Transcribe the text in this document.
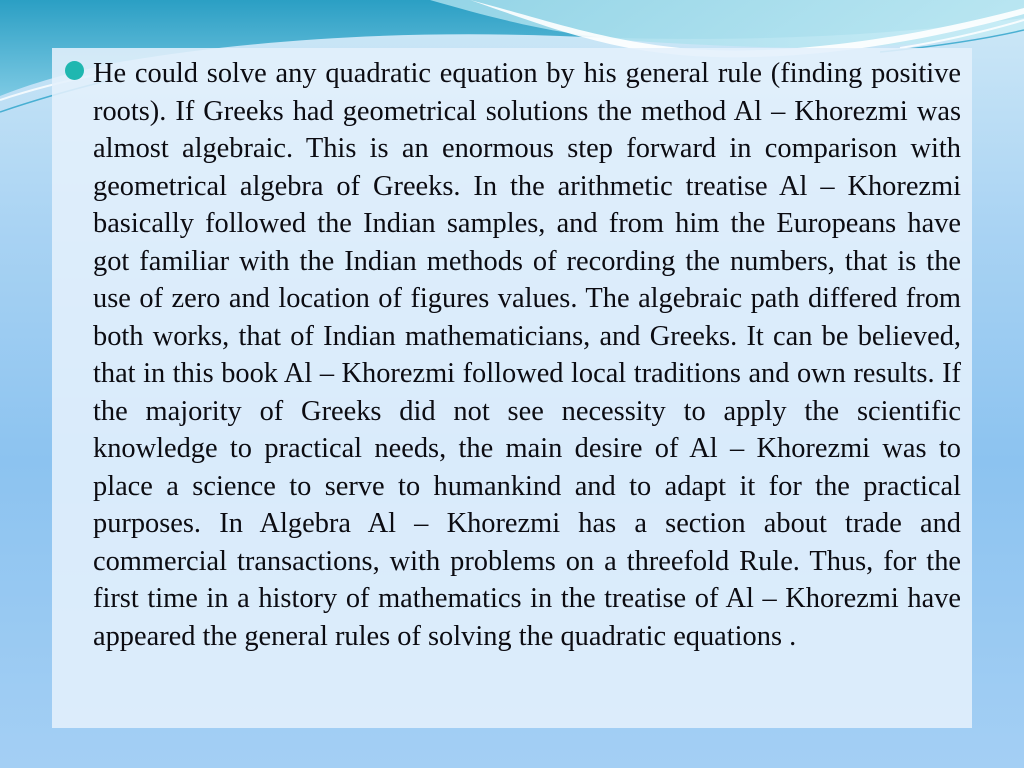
He could solve any quadratic equation by his general rule (finding positive roots). If Greeks had geometrical solutions the method Al – Khorezmi was almost algebraic. This is an enormous step forward in comparison with geometrical algebra of Greeks. In the arithmetic treatise Al – Khorezmi basically followed the Indian samples, and from him the Europeans have got familiar with the Indian methods of recording the numbers, that is the use of zero and location of figures values. The algebraic path differed from both works, that of Indian mathematicians, and Greeks. It can be believed, that in this book Al – Khorezmi followed local traditions and own results. If the majority of Greeks did not see necessity to apply the scientific knowledge to practical needs, the main desire of Al – Khorezmi was to place a science to serve to humankind and to adapt it for the practical purposes. In Algebra Al – Khorezmi has a section about trade and commercial transactions, with problems on a threefold Rule. Thus, for the first time in a history of mathematics in the treatise of Al – Khorezmi have appeared the general rules of solving the quadratic equations .
